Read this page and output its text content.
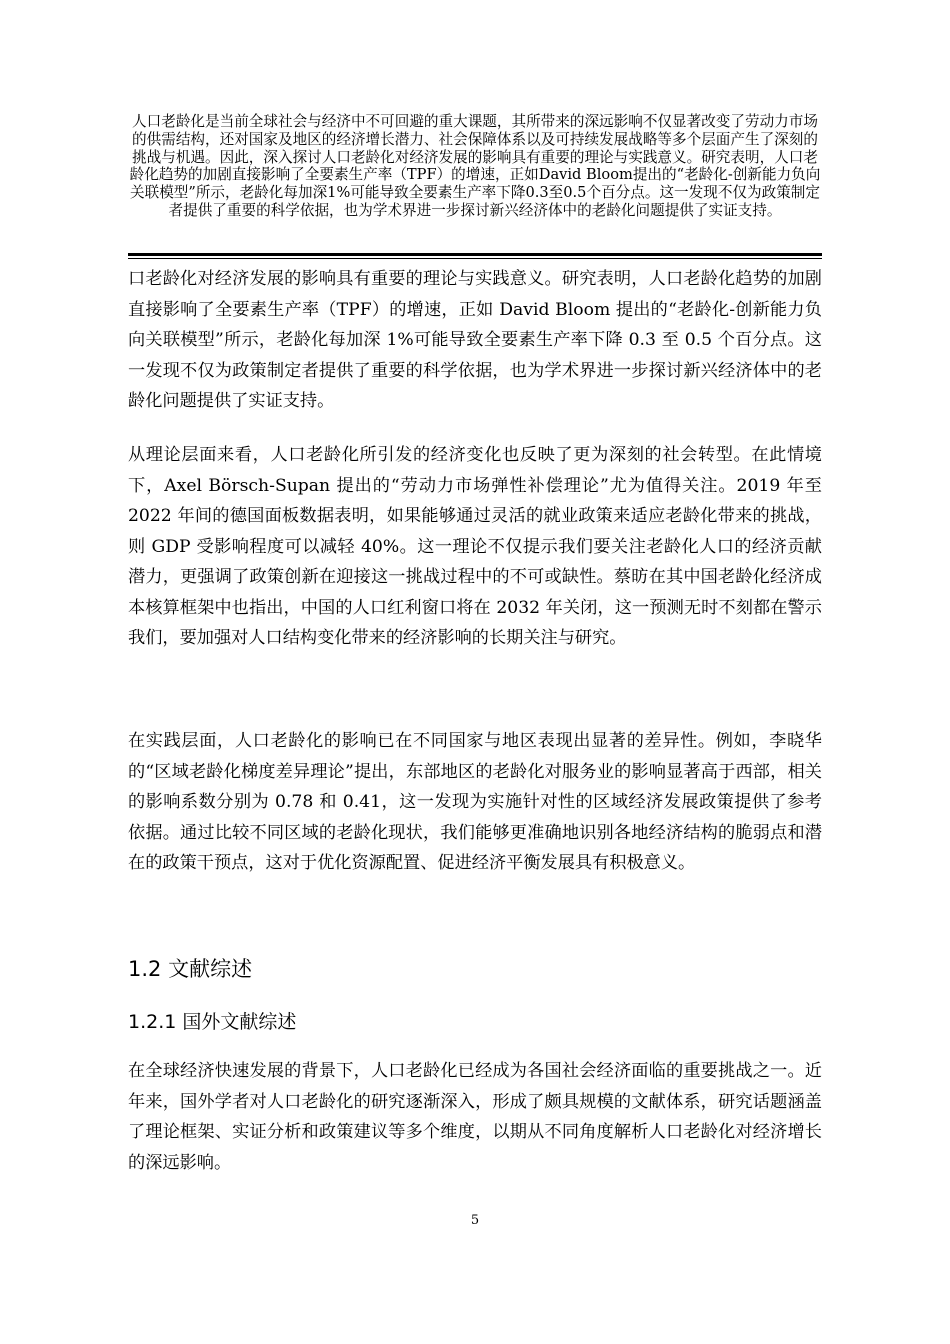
人口老龄化是当前全球社会与经济中不可回避的重大课题，其所带来的深远影响不仅显著改变了劳动力市场的供需结构，还对国家及地区的经济增长潜力、社会保障体系以及可持续发展战略等多个层面产生了深刻的挑战与机遇。因此，深入探讨人口老龄化对经济发展的影响具有重要的理论与实践意义。研究表明，人口老龄化趋势的加剧直接影响了全要素生产率（TPF）的增速，正如David Bloom提出的“老龄化-创新能力负向关联模型”所示，老龄化每加深1%可能导致全要素生产率下降0.3至0.5个百分点。这一发现不仅为政策制定者提供了重要的科学依据，也为学术界进一步探讨新兴经济体中的老龄化问题提供了实证支持。

口老龄化对经济发展的影响具有重要的理论与实践意义。研究表明，人口老龄化趋势的加剧直接影响了全要素生产率（TPF）的增速，正如 David Bloom 提出的“老龄化-创新能力负向关联模型”所示，老龄化每加深 1%可能导致全要素生产率下降 0.3 至 0.5 个百分点。这一发现不仅为政策制定者提供了重要的科学依据，也为学术界进一步探讨新兴经济体中的老龄化问题提供了实证支持。

从理论层面来看，人口老龄化所引发的经济变化也反映了更为深刻的社会转型。在此情境下，Axel Börsch-Supan 提出的“劳动力市场弹性补偿理论”尤为值得关注。2019 年至 2022 年间的德国面板数据表明，如果能够通过灵活的就业政策来适应老龄化带来的挑战，则 GDP 受影响程度可以减轻 40%。这一理论不仅提示我们要关注老龄化人口的经济贡献潜力，更强调了政策创新在迎接这一挑战过程中的不可或缺性。蔡昉在其中国老龄化经济成本核算框架中也指出，中国的人口红利窗口将在 2032 年关闭，这一预测无时不刻都在警示我们，要加强对人口结构变化带来的经济影响的长期关注与研究。

在实践层面，人口老龄化的影响已在不同国家与地区表现出显著的差异性。例如，李晓华的“区域老龄化梯度差异理论”提出，东部地区的老龄化对服务业的影响显著高于西部，相关的影响系数分别为 0.78 和 0.41，这一发现为实施针对性的区域经济发展政策提供了参考依据。通过比较不同区域的老龄化现状，我们能够更准确地识别各地经济结构的脆弱点和潜在的政策干预点，这对于优化资源配置、促进经济平衡发展具有积极意义。

1.2 文献综述
1.2.1 国外文献综述

在全球经济快速发展的背景下，人口老龄化已经成为各国社会经济面临的重要挑战之一。近年来，国外学者对人口老龄化的研究逐渐深入，形成了颇具规模的文献体系，研究话题涵盖了理论框架、实证分析和政策建议等多个维度，以期从不同角度解析人口老龄化对经济增长的深远影响。

5
